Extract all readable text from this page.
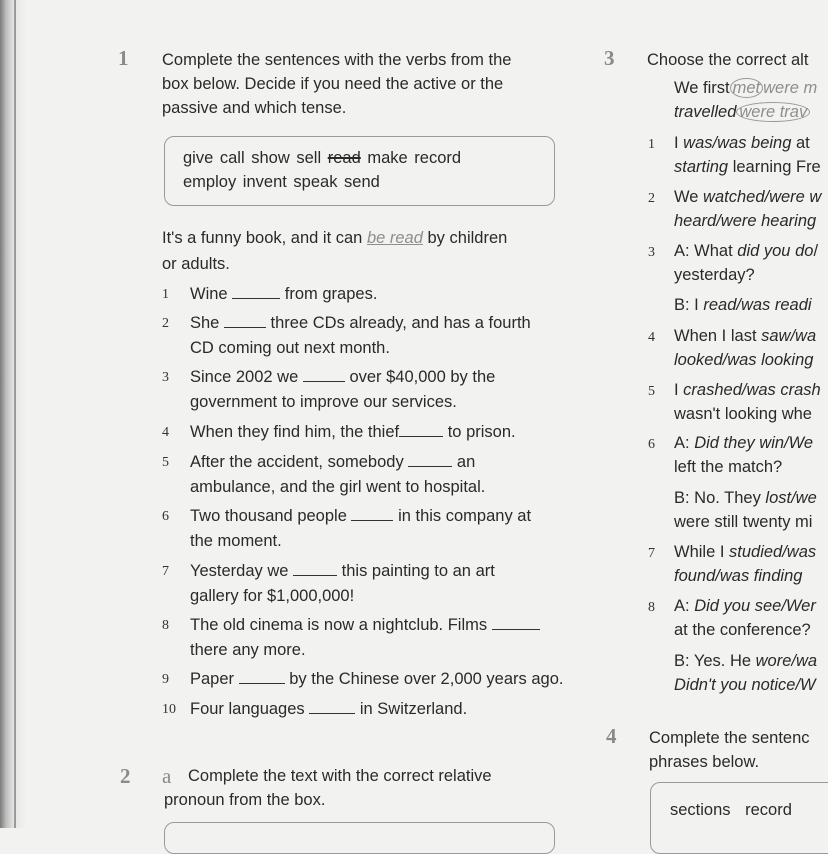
1 Complete the sentences with the verbs from the
box below. Decide if you need the active or the
passive and which tense.
give call show sell read make record
employ invent speak send
It's a funny book, and it can be read by children
or adults.
1 Wine	from grapes.
2 She	three CDs already, and has a fourth
CD coming out next month.
3 Since 2002 we	over $40,000 by the
government to improve our services.
4 When they find him, the thief	to prison.
5 After the accident, somebody	an
ambulance, and the girl went to hospital.
6 Two thousand people	in this company at
the moment.
7 Yesterday we	this painting to an art
gallery for $1,000,000!
8 The old cinema is now a nightclub. Films
there any more.
9 Paper	by the Chinese over 2,000 years ago.
10 Four languages	in Switzerland.
2 a Complete the text with the correct relative
pronoun from the box.
3 Choose the correct alt
We first met were m
travelled were trav
1 I was/was being at
starting learning Fre
2 We watched/were w
heard/were hearing
3 A: What did you do/
yesterday?
B: I read/was readi
4 When I last saw/wa
looked/was looking
5 I crashed/was crash
wasn't looking whe
6 A: Did they win/We
left the match?
B: No. They lost/we
were still twenty mi
7 While I studied/was
found/was finding
8 A: Did you see/Wer
at the conference?
B: Yes. He wore/wa
Didn't you notice/W
4 Complete the sentenc
phrases below.
sections record
